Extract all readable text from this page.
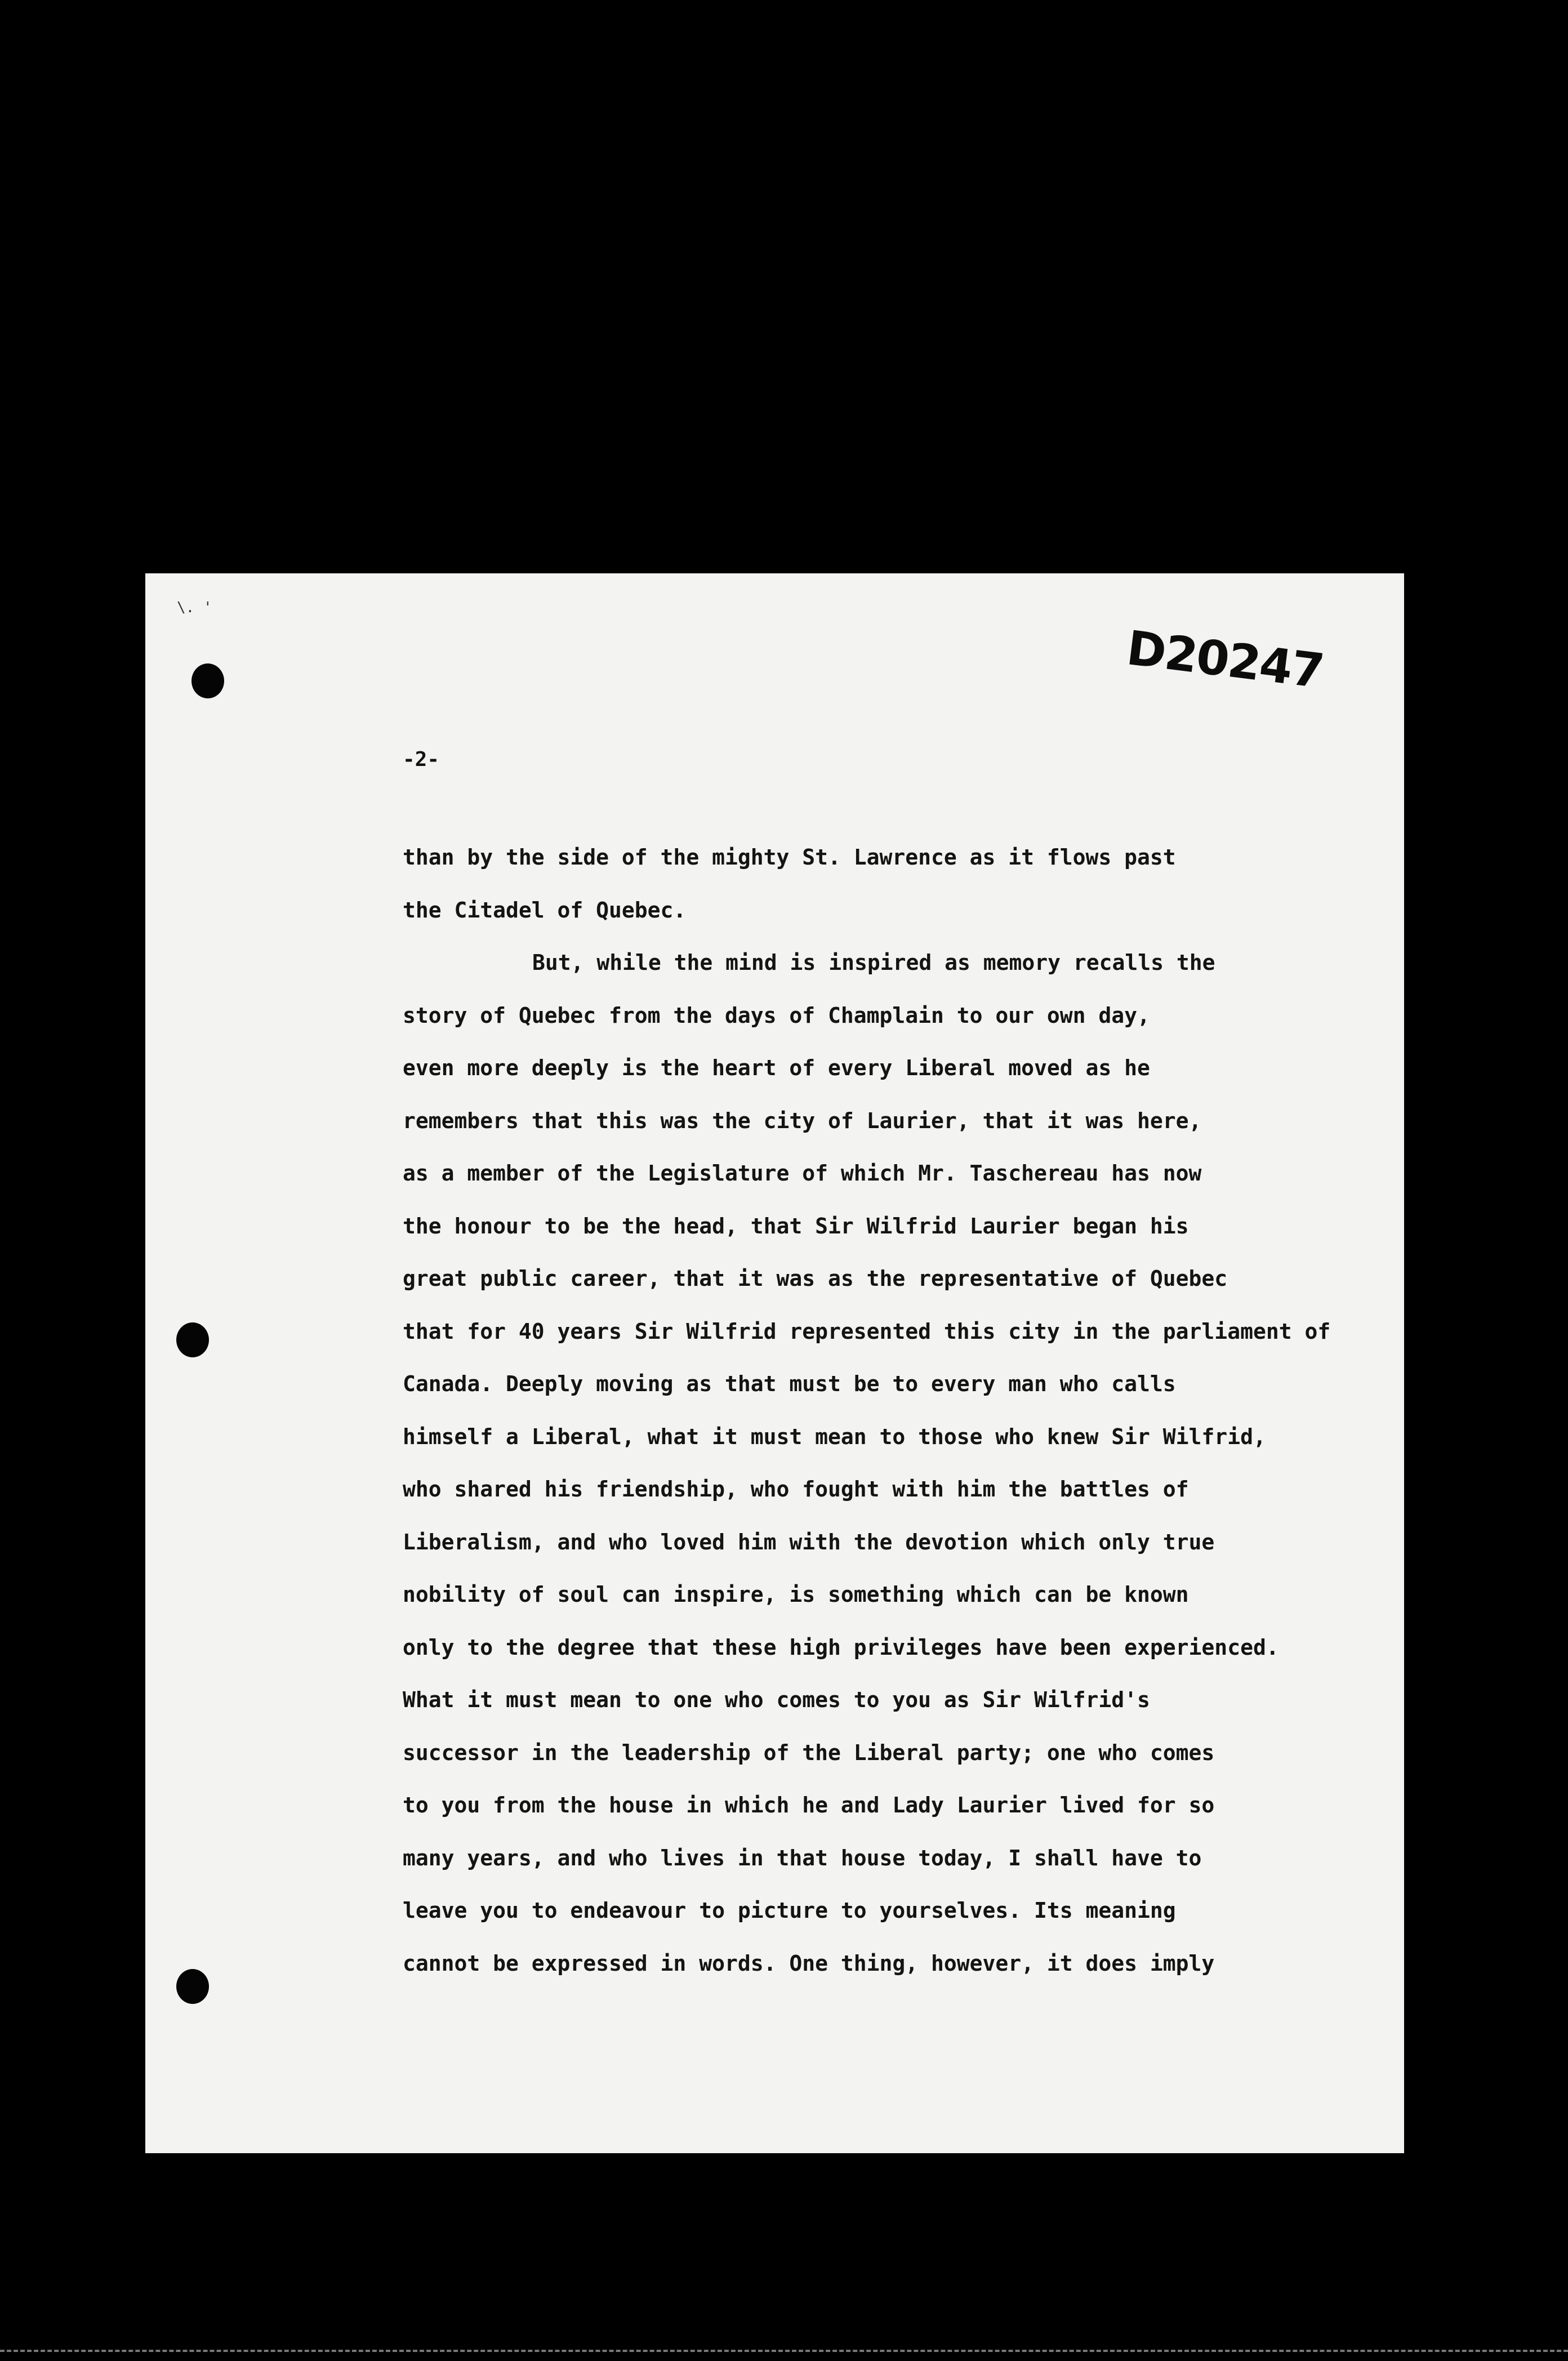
\. '
D20247
-2-
than by the side of the mighty St. Lawrence as it flows past
the Citadel of Quebec.
But, while the mind is inspired as memory recalls the
story of Quebec from the days of Champlain to our own day,
even more deeply is the heart of every Liberal moved as he
remembers that this was the city of Laurier, that it was here,
as a member of the Legislature of which Mr. Taschereau has now
the honour to be the head, that Sir Wilfrid Laurier began his
great public career, that it was as the representative of Quebec
that for 40 years Sir Wilfrid represented this city in the parliament of
Canada. Deeply moving as that must be to every man who calls
himself a Liberal, what it must mean to those who knew Sir Wilfrid,
who shared his friendship, who fought with him the battles of
Liberalism, and who loved him with the devotion which only true
nobility of soul can inspire, is something which can be known
only to the degree that these high privileges have been experienced.
What it must mean to one who comes to you as Sir Wilfrid's
successor in the leadership of the Liberal party; one who comes
to you from the house in which he and Lady Laurier lived for so
many years, and who lives in that house today, I shall have to
leave you to endeavour to picture to yourselves. Its meaning
cannot be expressed in words. One thing, however, it does imply
